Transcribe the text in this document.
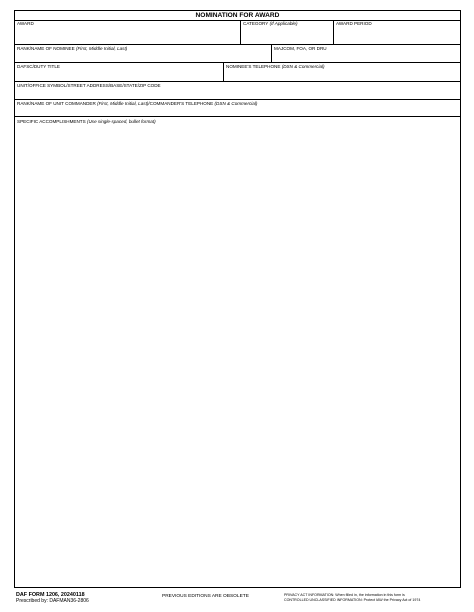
NOMINATION FOR AWARD
AWARD	CATEGORY (If Applicable)	AWARD PERIOD
RANK/NAME OF NOMINEE (First, Middle Initial, Last)	MAJCOM, FOA, OR DRU
DAFSC/DUTY TITLE	NOMINEE'S TELEPHONE (DSN & Commercial)
UNIT/OFFICE SYMBOL/STREET ADDRESS/BASE/STATE/ZIP CODE
RANK/NAME OF UNIT COMMANDER (First, Middle Initial, Last)/COMMANDER'S TELEPHONE (DSN & Commercial)
SPECIFIC ACCOMPLISHMENTS (Use single-spaced, bullet format)
DAF FORM 1206, 20240118
Prescribed by: DAFMAN36-2806
PREVIOUS EDITIONS ARE OBSOLETE	PRIVACY ACT INFORMATION: When filled in, the information in this form is
CONTROLLED UNCLASSIFIED INFORMATION: Protect IAW the Privacy Act of 1974
